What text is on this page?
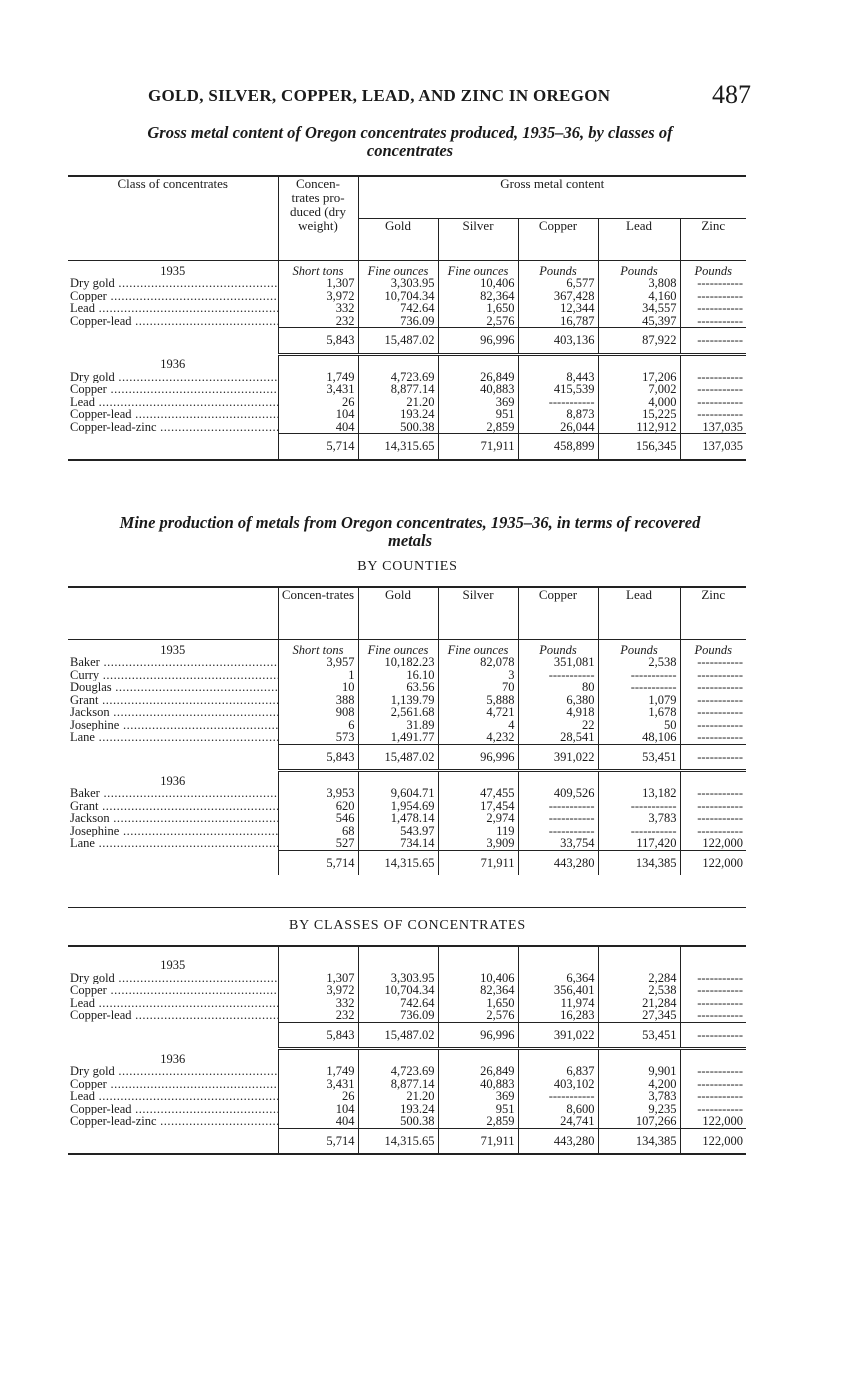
GOLD, SILVER, COPPER, LEAD, AND ZINC IN OREGON	487
Gross metal content of Oregon concentrates produced, 1935–36, by classes of
concentrates
Class of concentrates	Concen-trates pro-duced (dry weight)	Gross metal content				
		Gold	Silver	Copper	Lead	Zinc
1935	Short tons	Fine ounces	Fine ounces	Pounds	Pounds	Pounds
Dry gold .....	1,307	3,303.95	10,406	6,577	3,808	-----
Copper .....	3,972	10,704.34	82,364	367,428	4,160	-----
Lead .....	332	742.64	1,650	12,344	34,557	-----
Copper-lead .....	232	736.09	2,576	16,787	45,397	-----
	5,843	15,487.02	96,996	403,136	87,922	-----
1936						
Dry gold .....	1,749	4,723.69	26,849	8,443	17,206	-----
Copper .....	3,431	8,877.14	40,883	415,539	7,002	-----
Lead .....	26	21.20	369	-----	4,000	-----
Copper-lead .....	104	193.24	951	8,873	15,225	-----
Copper-lead-zinc .....	404	500.38	2,859	26,044	112,912	137,035
	5,714	14,315.65	71,911	458,899	156,345	137,035
Mine production of metals from Oregon concentrates, 1935–36, in terms of recovered
metals
BY COUNTIES
	Concen-trates	Gold	Silver	Copper	Lead	Zinc
1935	Short tons	Fine ounces	Fine ounces	Pounds	Pounds	Pounds
Baker .....	3,957	10,182.23	82,078	351,081	2,538	-----
Curry .....	1	16.10	3	-----	-----	-----
Douglas .....	10	63.56	70	80	-----	-----
Grant .....	388	1,139.79	5,888	6,380	1,079	-----
Jackson .....	908	2,561.68	4,721	4,918	1,678	-----
Josephine .....	6	31.89	4	22	50	-----
Lane .....	573	1,491.77	4,232	28,541	48,106	-----
	5,843	15,487.02	96,996	391,022	53,451	-----
1936						
Baker .....	3,953	9,604.71	47,455	409,526	13,182	-----
Grant .....	620	1,954.69	17,454	-----	-----	-----
Jackson .....	546	1,478.14	2,974	-----	3,783	-----
Josephine .....	68	543.97	119	-----	-----	-----
Lane .....	527	734.14	3,909	33,754	117,420	122,000
	5,714	14,315.65	71,911	443,280	134,385	122,000
BY CLASSES OF CONCENTRATES
1935						
Dry gold .....	1,307	3,303.95	10,406	6,364	2,284	-----
Copper .....	3,972	10,704.34	82,364	356,401	2,538	-----
Lead .....	332	742.64	1,650	11,974	21,284	-----
Copper-lead .....	232	736.09	2,576	16,283	27,345	-----
	5,843	15,487.02	96,996	391,022	53,451	-----
1936						
Dry gold .....	1,749	4,723.69	26,849	6,837	9,901	-----
Copper .....	3,431	8,877.14	40,883	403,102	4,200	-----
Lead .....	26	21.20	369	-----	3,783	-----
Copper-lead .....	104	193.24	951	8,600	9,235	-----
Copper-lead-zinc .....	404	500.38	2,859	24,741	107,266	122,000
	5,714	14,315.65	71,911	443,280	134,385	122,000
